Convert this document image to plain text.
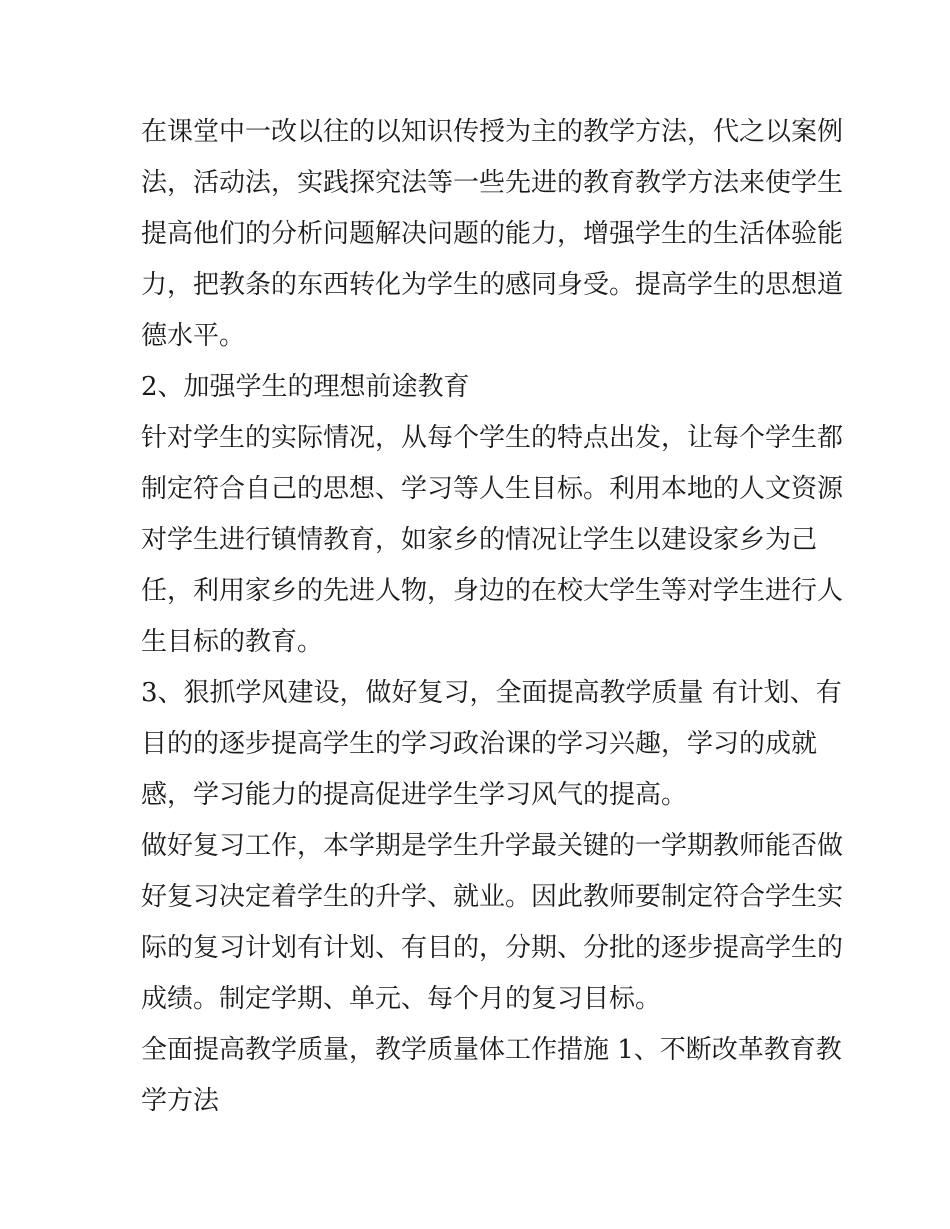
在课堂中一改以往的以知识传授为主的教学方法，代之以案例
法，活动法，实践探究法等一些先进的教育教学方法来使学生
提高他们的分析问题解决问题的能力，增强学生的生活体验能
力，把教条的东西转化为学生的感同身受。提高学生的思想道
德水平。
2、加强学生的理想前途教育
针对学生的实际情况，从每个学生的特点出发，让每个学生都
制定符合自己的思想、学习等人生目标。利用本地的人文资源
对学生进行镇情教育，如家乡的情况让学生以建设家乡为己
任，利用家乡的先进人物，身边的在校大学生等对学生进行人
生目标的教育。
3、狠抓学风建设，做好复习，全面提高教学质量 有计划、有
目的的逐步提高学生的学习政治课的学习兴趣，学习的成就
感，学习能力的提高促进学生学习风气的提高。
做好复习工作，本学期是学生升学最关键的一学期教师能否做
好复习决定着学生的升学、就业。因此教师要制定符合学生实
际的复习计划有计划、有目的，分期、分批的逐步提高学生的
成绩。制定学期、单元、每个月的复习目标。
全面提高教学质量，教学质量体工作措施 1、不断改革教育教
学方法
